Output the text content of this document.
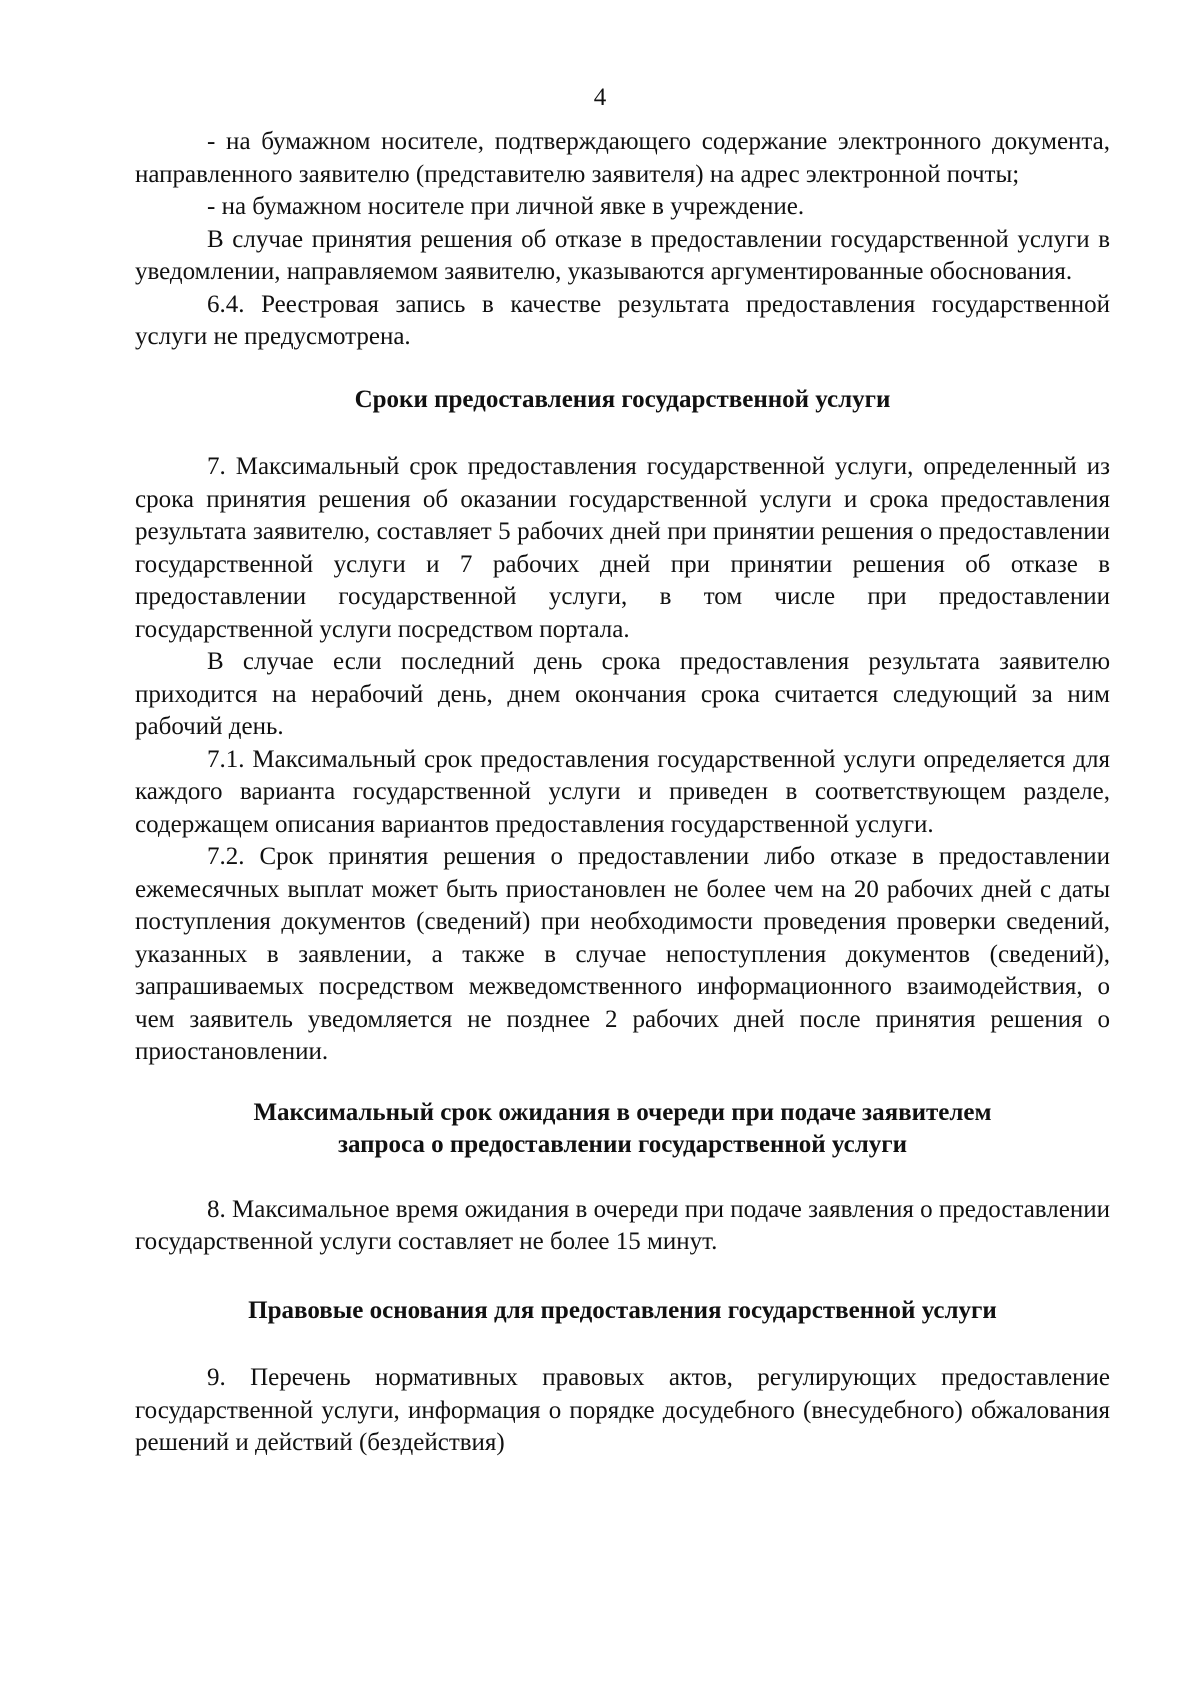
4

- на бумажном носителе, подтверждающего содержание электронного документа, направленного заявителю (представителю заявителя) на адрес электронной почты;

- на бумажном носителе при личной явке в учреждение.

В случае принятия решения об отказе в предоставлении государственной услуги в уведомлении, направляемом заявителю, указываются аргументированные обоснования.

6.4. Реестровая запись в качестве результата предоставления государственной услуги не предусмотрена.

Сроки предоставления государственной услуги

7. Максимальный срок предоставления государственной услуги, определенный из срока принятия решения об оказании государственной услуги и срока предоставления результата заявителю, составляет 5 рабочих дней при принятии решения о предоставлении государственной услуги и 7 рабочих дней при принятии решения об отказе в предоставлении государственной услуги, в том числе при предоставлении государственной услуги посредством портала.

В случае если последний день срока предоставления результата заявителю приходится на нерабочий день, днем окончания срока считается следующий за ним рабочий день.

7.1. Максимальный срок предоставления государственной услуги определяется для каждого варианта государственной услуги и приведен в соответствующем разделе, содержащем описания вариантов предоставления государственной услуги.

7.2. Срок принятия решения о предоставлении либо отказе в предоставлении ежемесячных выплат может быть приостановлен не более чем на 20 рабочих дней с даты поступления документов (сведений) при необходимости проведения проверки сведений, указанных в заявлении, а также в случае непоступления документов (сведений), запрашиваемых посредством межведомственного информационного взаимодействия, о чем заявитель уведомляется не позднее 2 рабочих дней после принятия решения о приостановлении.

Максимальный срок ожидания в очереди при подаче заявителем
запроса о предоставлении государственной услуги

8. Максимальное время ожидания в очереди при подаче заявления о предоставлении государственной услуги составляет не более 15 минут.

Правовые основания для предоставления государственной услуги

9. Перечень нормативных правовых актов, регулирующих предоставление государственной услуги, информация о порядке досудебного (внесудебного) обжалования решений и действий (бездействия)
